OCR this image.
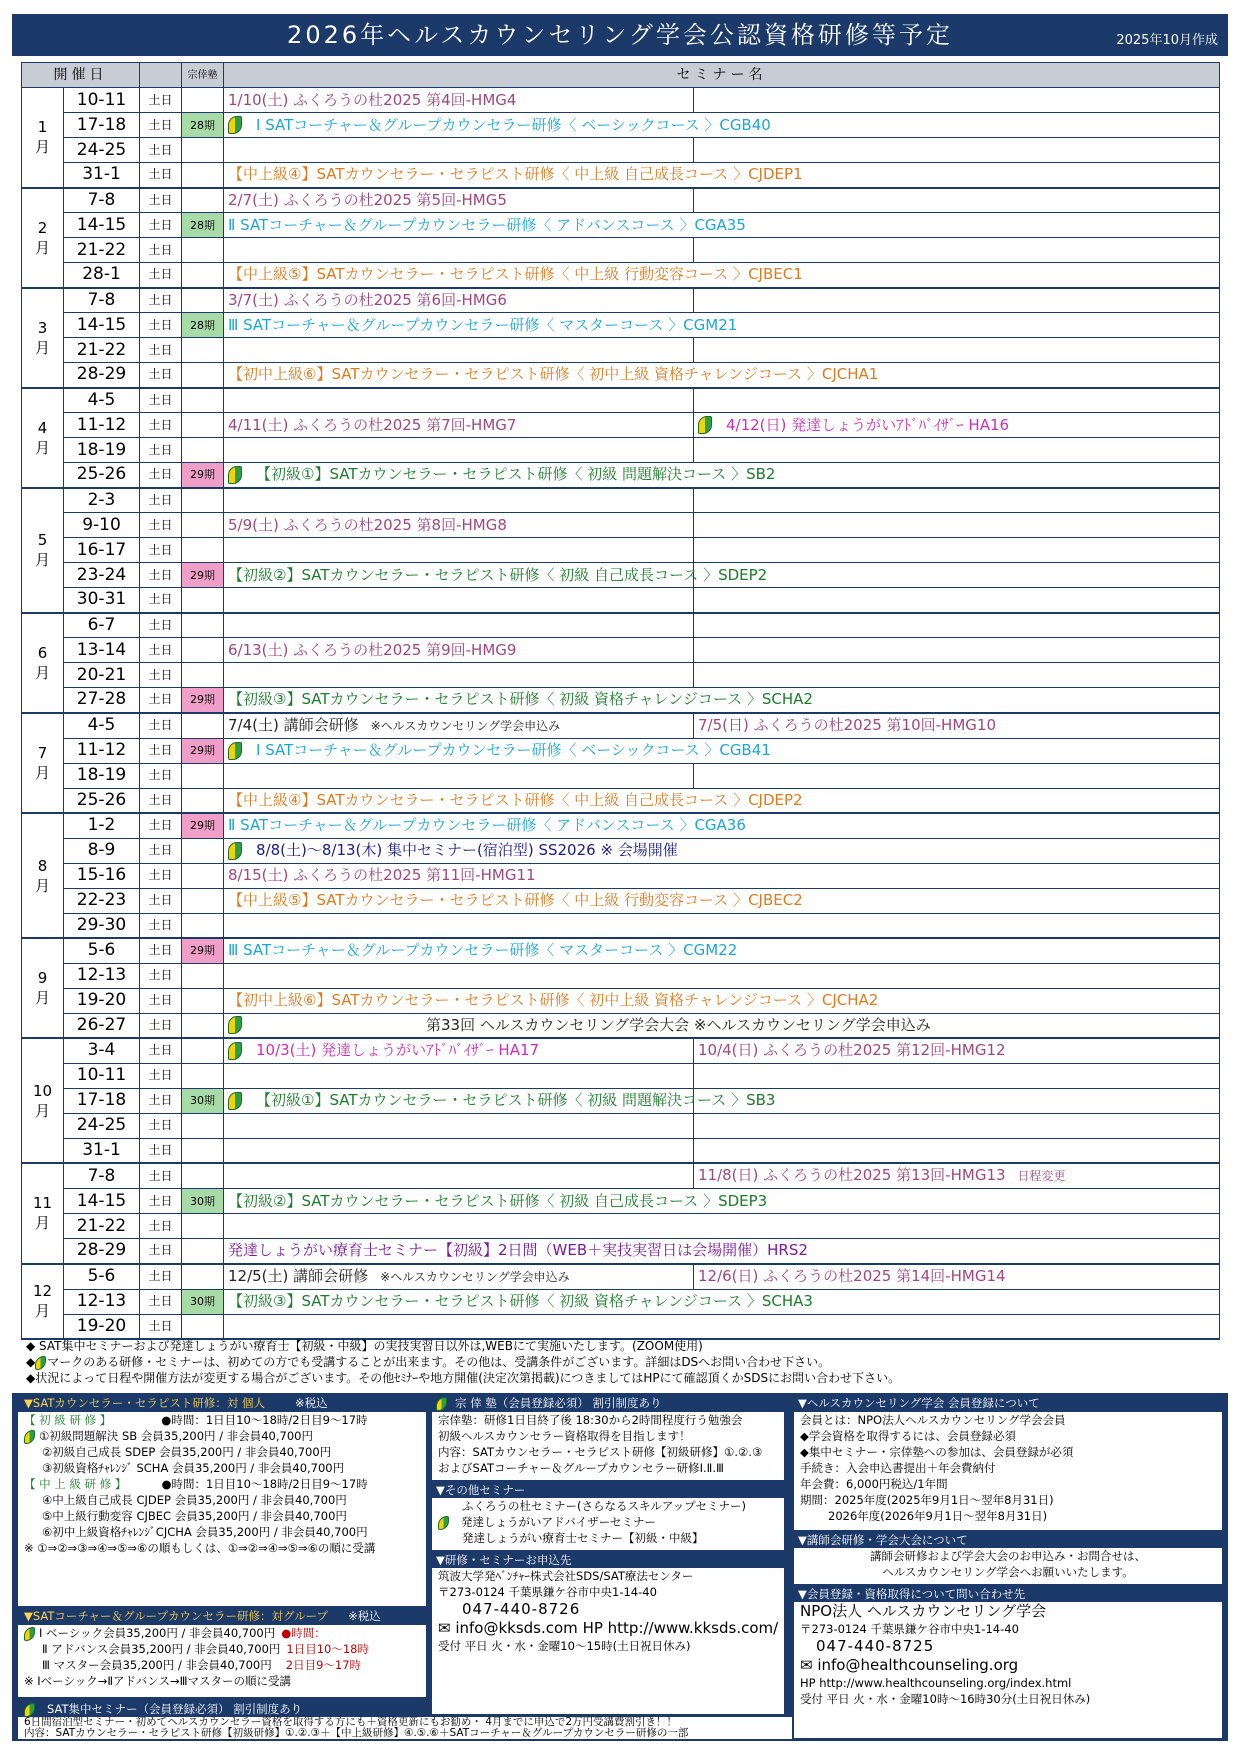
2026年ヘルスカウンセリング学会公認資格研修等予定	2025年10月作成
開催日			宗倖塾	セミナー名	
1
月	10-11	土日		1/10(土) ふくろうの杜2025 第4回-HMG4	
	17-18	土日	28期	Ⅰ SATコーチャー＆グループカウンセラー研修〈 ベーシックコース 〉CGB40	
	24-25	土日			
	31-1	土日		【中上級④】SATカウンセラー・セラピスト研修〈 中上級 自己成長コース 〉CJDEP1	
2
月	7-8	土日		2/7(土) ふくろうの杜2025 第5回-HMG5	
	14-15	土日	28期	Ⅱ SATコーチャー＆グループカウンセラー研修〈 アドバンスコース 〉CGA35	
	21-22	土日			
	28-1	土日		【中上級⑤】SATカウンセラー・セラピスト研修〈 中上級 行動変容コース 〉CJBEC1	
3
月	7-8	土日		3/7(土) ふくろうの杜2025 第6回-HMG6	
	14-15	土日	28期	Ⅲ SATコーチャー＆グループカウンセラー研修〈 マスターコース 〉CGM21	
	21-22	土日			
	28-29	土日		【初中上級⑥】SATカウンセラー・セラピスト研修〈 初中上級 資格チャレンジコース 〉CJCHA1	
4
月	4-5	土日			
	11-12	土日		4/11(土) ふくろうの杜2025 第7回-HMG7	4/12(日) 発達しょうがいｱﾄﾞﾊﾞｲｻﾞｰ HA16
	18-19	土日			
	25-26	土日	29期	【初級①】SATカウンセラー・セラピスト研修〈 初級 問題解決コース 〉SB2	
5
月	2-3	土日			
	9-10	土日		5/9(土) ふくろうの杜2025 第8回-HMG8	
	16-17	土日			
	23-24	土日	29期	【初級②】SATカウンセラー・セラピスト研修〈 初級 自己成長コース 〉SDEP2	
	30-31	土日			
6
月	6-7	土日			
	13-14	土日		6/13(土) ふくろうの杜2025 第9回-HMG9	
	20-21	土日			
	27-28	土日	29期	【初級③】SATカウンセラー・セラピスト研修〈 初級 資格チャレンジコース 〉SCHA2	
7
月	4-5	土日		7/4(土) 講師会研修 ※ヘルスカウンセリング学会申込み	7/5(日) ふくろうの杜2025 第10回-HMG10
	11-12	土日	29期	Ⅰ SATコーチャー＆グループカウンセラー研修〈 ベーシックコース 〉CGB41	
	18-19	土日			
	25-26	土日		【中上級④】SATカウンセラー・セラピスト研修〈 中上級 自己成長コース 〉CJDEP2	
8
月	1-2	土日	29期	Ⅱ SATコーチャー＆グループカウンセラー研修〈 アドバンスコース 〉CGA36	
	8-9	土日		8/8(土)～8/13(木) 集中セミナー(宿泊型) SS2026 ※ 会場開催	
	15-16	土日		8/15(土) ふくろうの杜2025 第11回-HMG11	
	22-23	土日		【中上級⑤】SATカウンセラー・セラピスト研修〈 中上級 行動変容コース 〉CJBEC2	
	29-30	土日			
9
月	5-6	土日	29期	Ⅲ SATコーチャー＆グループカウンセラー研修〈 マスターコース 〉CGM22	
	12-13	土日			
	19-20	土日		【初中上級⑥】SATカウンセラー・セラピスト研修〈 初中上級 資格チャレンジコース 〉CJCHA2	
	26-27	土日		第33回 ヘルスカウンセリング学会大会 ※ヘルスカウンセリング学会申込み	
10
月	3-4	土日		10/3(土) 発達しょうがいｱﾄﾞﾊﾞｲｻﾞｰ HA17	10/4(日) ふくろうの杜2025 第12回-HMG12
	10-11	土日			
	17-18	土日	30期	【初級①】SATカウンセラー・セラピスト研修〈 初級 問題解決コース 〉SB3	
	24-25	土日			
	31-1	土日			
11
月	7-8	土日			11/8(日) ふくろうの杜2025 第13回-HMG13 日程変更
	14-15	土日	30期	【初級②】SATカウンセラー・セラピスト研修〈 初級 自己成長コース 〉SDEP3	
	21-22	土日			
	28-29	土日		発達しょうがい療育士セミナー【初級】2日間（WEB＋実技実習日は会場開催）HRS2	
12
月	5-6	土日		12/5(土) 講師会研修 ※ヘルスカウンセリング学会申込み	12/6(日) ふくろうの杜2025 第14回-HMG14
	12-13	土日	30期	【初級③】SATカウンセラー・セラピスト研修〈 初級 資格チャレンジコース 〉SCHA3	
	19-20	土日			
◆ SAT集中セミナーおよび発達しょうがい療育士【初級・中級】の実技実習日以外は,WEBにて実施いたします。(ZOOM使用)
◆ マークのある研修・セミナーは、初めての方でも受講することが出来ます。その他は、受講条件がございます。詳細はDSへお問い合わせ下さい。
◆状況によって日程や開催方法が変更する場合がございます。その他ｾﾐﾅｰや地方開催(決定次第掲載)につきましてはHPにて確認頂くかSDSにお問い合わせ下さい。
▼SATカウンセラー・セラピスト研修：対 個人	※税込
【 初 級 研 修 】	●時間：1日目10～18時/2日目9～17時
①初級問題解決 SB 会員35,200円 / 非会員40,700円
②初級自己成長 SDEP 会員35,200円 / 非会員40,700円
③初級資格ﾁｬﾚﾝｼﾞ SCHA 会員35,200円 / 非会員40,700円
【 中 上 級 研 修 】	●時間：1日目10～18時/2日目9～17時
④中上級自己成長 CJDEP 会員35,200円 / 非会員40,700円
⑤中上級行動変容 CJBEC 会員35,200円 / 非会員40,700円
⑥初中上級資格ﾁｬﾚﾝｼﾞCJCHA 会員35,200円 / 非会員40,700円
※ ①⇒②⇒③⇒④⇒⑤⇒⑥の順もしくは、①⇒②⇒④⇒⑤⇒⑥の順に受講
▼SATコーチャー＆グループカウンセラー研修：対グループ ※税込
Ⅰ ベーシック会員35,200円 / 非会員40,700円 ●時間：
Ⅱ アドバンス会員35,200円 / 非会員40,700円 1日目10～18時
Ⅲ マスター会員35,200円 / 非会員40,700円 2日目9～17時
※ Ⅰベーシック→Ⅱアドバンス→Ⅲマスターの順に受講
SAT集中セミナー（会員登録必須） 割引制度あり
6日間宿泊型セミナー・初めてヘルスカウンセラー資格を取得する方にも＋資格更新にもお勧め・ 4月までに申込で2万円受講費割引き！！
内容：SATカウンセラー・セラピスト研修【初級研修】①.②.③＋【中上級研修】④.⑤.⑥＋SATコーチャー＆グループカウンセラー研修の一部
宗 倖 塾（会員登録必須） 割引制度あり
宗倖塾：研修1日目終了後 18:30から2時間程度行う勉強会
初級ヘルスカウンセラー資格取得を目指します！
内容：SATカウンセラー・セラピスト研修【初級研修】①.②.③
およびSATコーチャー＆グループカウンセラー研修Ⅰ.Ⅱ.Ⅲ
▼その他セミナー
ふくろうの杜セミナー(さらなるスキルアップセミナー)
発達しょうがいアドバイザーセミナー
発達しょうがい療育士セミナー【初級・中級】
▼研修・セミナーお申込先
筑波大学発ﾍﾞﾝﾁｬｰ株式会社SDS/SAT療法センター
〒273-0124 千葉県鎌ケ谷市中央1-14-40
047-440-8726
✉ info@kksds.com HP http://www.kksds.com/
受付 平日 火・水・金曜10～15時(土日祝日休み)
▼ヘルスカウンセリング学会 会員登録について
会員とは：NPO法人ヘルスカウンセリング学会会員
◆学会資格を取得するには、会員登録必須
◆集中セミナー・宗倖塾への参加は、会員登録が必須
手続き：入会申込書提出＋年会費納付
年会費：6,000円税込/1年間
期間：2025年度(2025年9月1日～翌年8月31日)
2026年度(2026年9月1日～翌年8月31日)
▼講師会研修・学会大会について
講師会研修および学会大会のお申込み・お問合せは、
ヘルスカウンセリング学会へお願いいたします。
▼会員登録・資格取得について問い合わせ先
NPO法人 ヘルスカウンセリング学会
〒273-0124 千葉県鎌ケ谷市中央1-14-40
047-440-8725
✉ info@healthcounseling.org
HP http://www.healthcounseling.org/index.html
受付 平日 火・水・金曜10時～16時30分(土日祝日休み)
